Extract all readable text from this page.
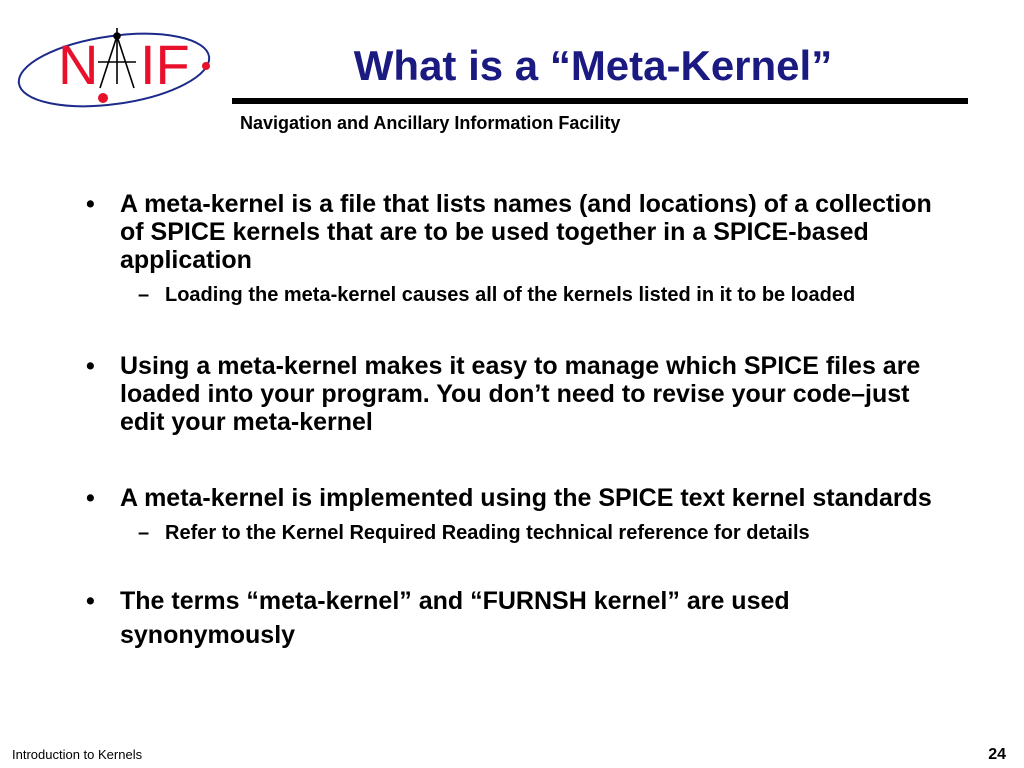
N IF	What is a “Meta-Kernel”
Navigation and Ancillary Information Facility
• A meta-kernel is a file that lists names (and locations) of a collection of SPICE kernels that are to be used together in a SPICE-based application
– Loading the meta-kernel causes all of the kernels listed in it to be loaded
• Using a meta-kernel makes it easy to manage which SPICE files are loaded into your program. You don’t need to revise your code–just edit your meta-kernel
• A meta-kernel is implemented using the SPICE text kernel standards
– Refer to the Kernel Required Reading technical reference for details
• The terms “meta-kernel” and “FURNSH kernel” are used synonymously
Introduction to Kernels	24
